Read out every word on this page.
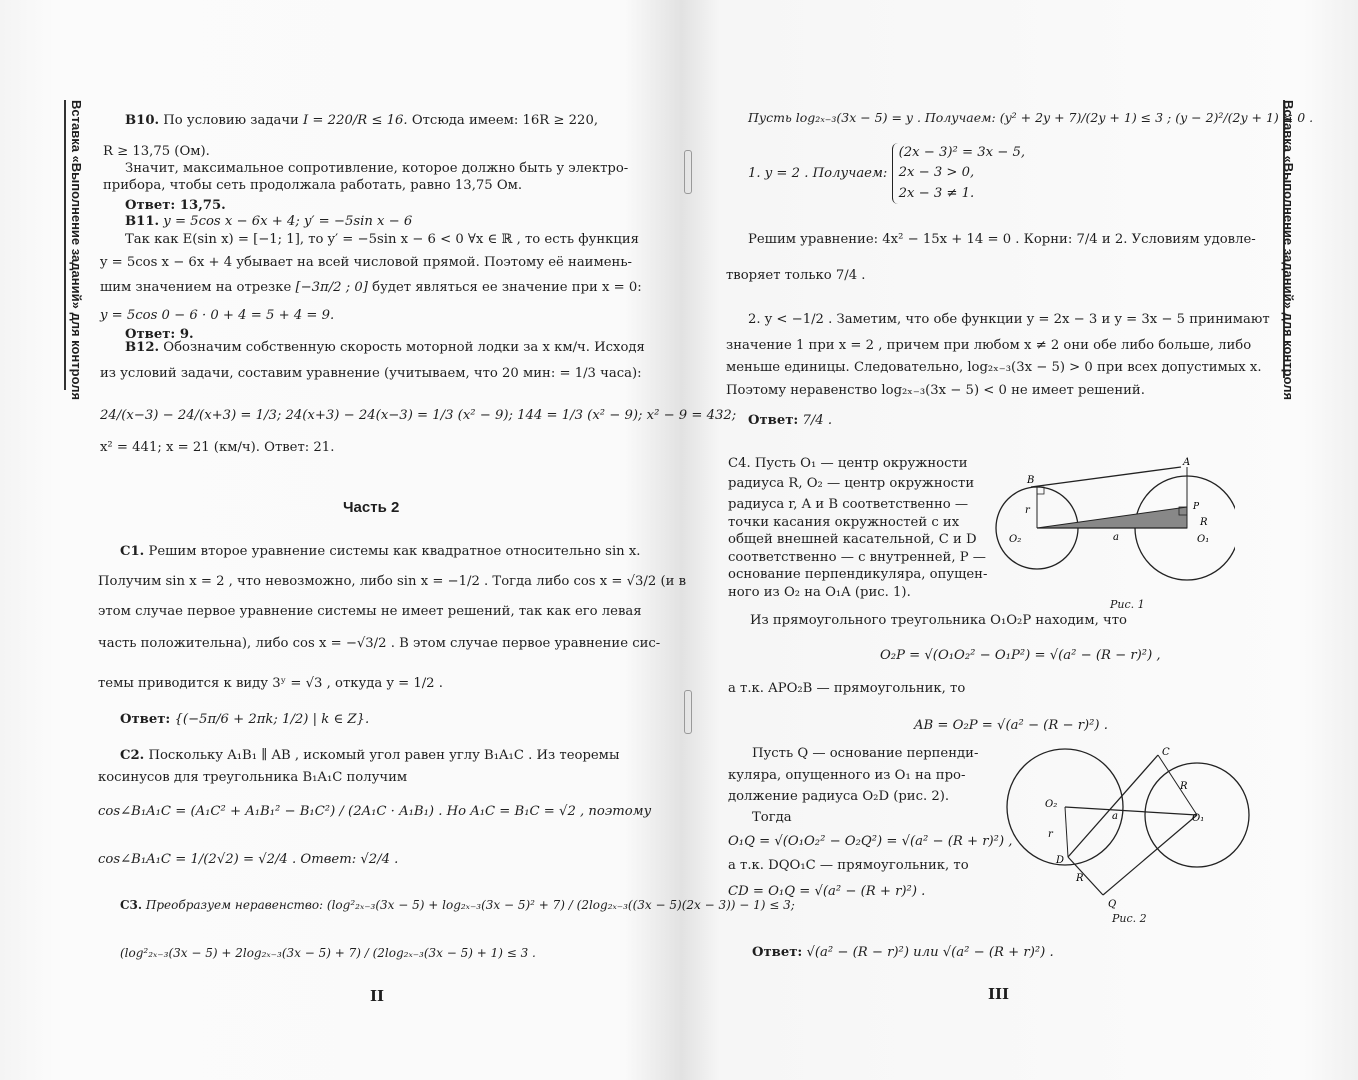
Вставка «Выполнение заданий» для контроля	B10. По условию задачи I = 220/R ≤ 16. Отсюда имеем: 16R ≥ 220,
R ≥ 13,75 (Ом).
Значит, максимальное сопротивление, которое должно быть у электро-
прибора, чтобы сеть продолжала работать, равно 13,75 Ом.
Ответ: 13,75.
B11. y = 5cos x − 6x + 4; y′ = −5sin x − 6
Так как E(sin x) = [−1; 1], то y′ = −5sin x − 6 < 0 ∀x ∈ ℝ , то есть функция
y = 5cos x − 6x + 4 убывает на всей числовой прямой. Поэтому её наимень-
шим значением на отрезке [−3π/2 ; 0] будет являться ее значение при x = 0:
y = 5cos 0 − 6 · 0 + 4 = 5 + 4 = 9.
Ответ: 9.
B12. Обозначим собственную скорость моторной лодки за x км/ч. Исходя
из условий задачи, составим уравнение (учитываем, что 20 мин: = 1/3 часа):
24/(x−3) − 24/(x+3) = 1/3; 24(x+3) − 24(x−3) = 1/3 (x² − 9); 144 = 1/3 (x² − 9); x² − 9 = 432;
x² = 441; x = 21 (км/ч). Ответ: 21.
Часть 2
C1. Решим второе уравнение системы как квадратное относительно sin x.
Получим sin x = 2 , что невозможно, либо sin x = −1/2 . Тогда либо cos x = √3/2 (и в
этом случае первое уравнение системы не имеет решений, так как его левая
часть положительна), либо cos x = −√3/2 . В этом случае первое уравнение сис-
темы приводится к виду 3ʸ = √3 , откуда y = 1/2 .
Ответ: {(−5π/6 + 2πk; 1/2) | k ∈ Z}.
C2. Поскольку A₁B₁ ∥ AB , искомый угол равен углу B₁A₁C . Из теоремы
косинусов для треугольника B₁A₁C получим
cos∠B₁A₁C = (A₁C² + A₁B₁² − B₁C²) / (2A₁C · A₁B₁) . Но A₁C = B₁C = √2 , поэтому
cos∠B₁A₁C = 1/(2√2) = √2/4 . Ответ: √2/4 .
C3. Преобразуем неравенство: (log²₂ₓ₋₃(3x − 5) + log₂ₓ₋₃(3x − 5)² + 7) / (2log₂ₓ₋₃((3x − 5)(2x − 3)) − 1) ≤ 3;
(log²₂ₓ₋₃(3x − 5) + 2log₂ₓ₋₃(3x − 5) + 7) / (2log₂ₓ₋₃(3x − 5) + 1) ≤ 3 .
II
Вставка «Выполнение заданий» для контроля
Пусть log₂ₓ₋₃(3x − 5) = y . Получаем: (y² + 2y + 7)/(2y + 1) ≤ 3 ; (y − 2)²/(2y + 1) ≤ 0 .
1. y = 2 . Получаем:
(2x − 3)² = 3x − 5,
2x − 3 > 0,
2x − 3 ≠ 1.
Решим уравнение: 4x² − 15x + 14 = 0 . Корни: 7/4 и 2. Условиям удовле-
творяет только 7/4 .
2. y < −1/2 . Заметим, что обе функции y = 2x − 3 и y = 3x − 5 принимают
значение 1 при x = 2 , причем при любом x ≠ 2 они обе либо больше, либо
меньше единицы. Следовательно, log₂ₓ₋₃(3x − 5) > 0 при всех допустимых x.
Поэтому неравенство log₂ₓ₋₃(3x − 5) < 0 не имеет решений.
Ответ: 7/4 .
C4. Пусть O₁ — центр окружности
радиуса R, O₂ — центр окружности
радиуса r, A и B соответственно —
точки касания окружностей с их
общей внешней касательной, C и D
соответственно — с внутренней, P —
основание перпендикуляра, опущен-
ного из O₂ на O₁A (рис. 1).
B
A
P
O₂	O₁
a
R
r
Рис. 1
Из прямоугольного треугольника O₁O₂P находим, что
O₂P = √(O₁O₂² − O₁P²) = √(a² − (R − r)²) ,
а т.к. APO₂B — прямоугольник, то
AB = O₂P = √(a² − (R − r)²) .
Пусть Q — основание перпенди-
куляра, опущенного из O₁ на про-
должение радиуса O₂D (рис. 2).
Тогда
O₁Q = √(O₁O₂² − O₂Q²) = √(a² − (R + r)²) ,
а т.к. DQO₁C — прямоугольник, то
CD = O₁Q = √(a² − (R + r)²) .
C
D
Q
O₁
O₂
a
R
R
r
Рис. 2
Ответ: √(a² − (R − r)²) или √(a² − (R + r)²) .
III
